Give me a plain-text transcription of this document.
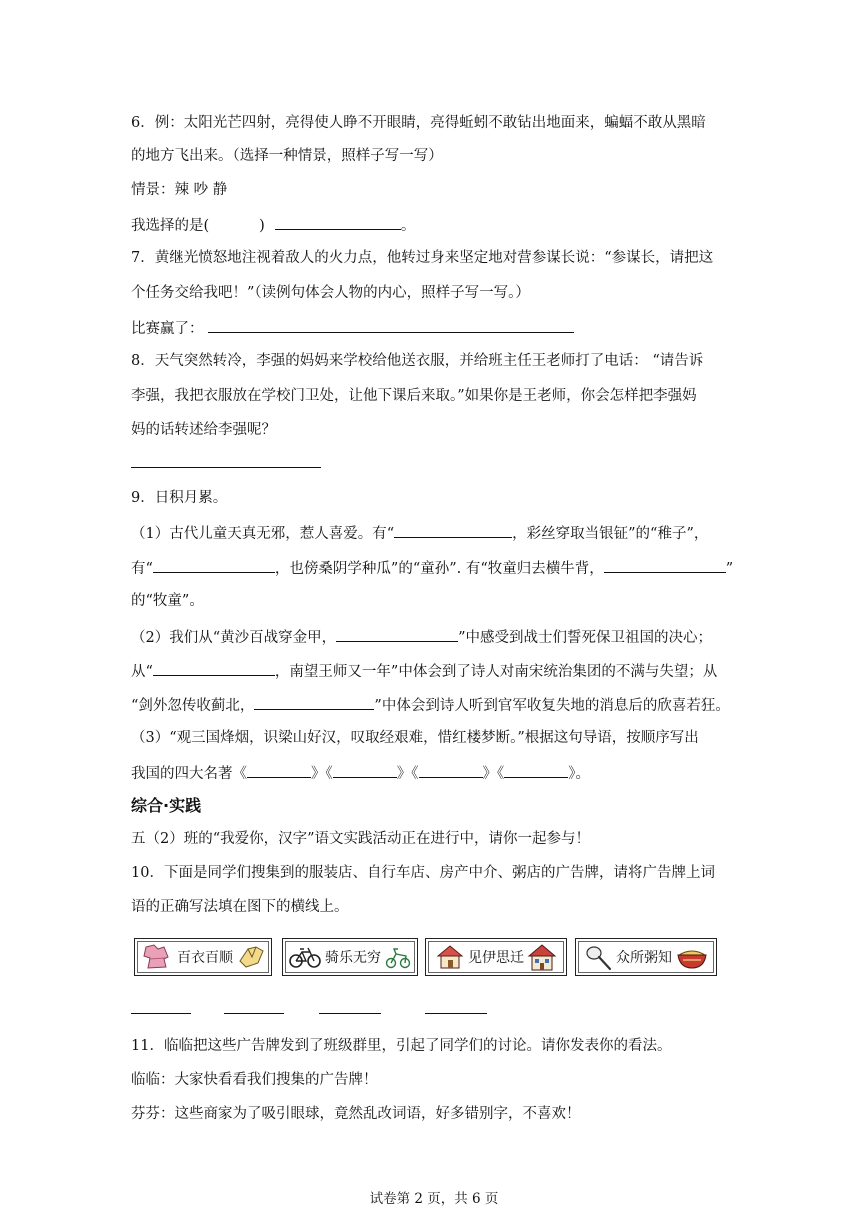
6．例：太阳光芒四射，亮得使人睁不开眼睛，亮得蚯蚓不敢钻出地面来，蝙蝠不敢从黑暗
的地方飞出来。（选择一种情景，照样子写一写）
情景：辣 吵 静
我选择的是(	)	。
7．黄继光愤怒地注视着敌人的火力点，他转过身来坚定地对营参谋长说：“参谋长，请把这
个任务交给我吧！”（读例句体会人物的内心，照样子写一写。）
比赛赢了：
8．天气突然转冷，李强的妈妈来学校给他送衣服，并给班主任王老师打了电话： “请告诉
李强，我把衣服放在学校门卫处，让他下课后来取。”如果你是王老师，你会怎样把李强妈
妈的话转述给李强呢？
9．日积月累。
（1）古代儿童天真无邪，惹人喜爱。有“	，彩丝穿取当银钲”的“稚子”，
有“	，也傍桑阴学种瓜”的“童孙”. 有“牧童归去横牛背，	”
的“牧童”。
（2）我们从“黄沙百战穿金甲，	”中感受到战士们誓死保卫祖国的决心；
从“	，南望王师又一年”中体会到了诗人对南宋统治集团的不满与失望；从
“剑外忽传收蓟北，	”中体会到诗人听到官军收复失地的消息后的欣喜若狂。
（3）“观三国烽烟，识梁山好汉，叹取经艰难，惜红楼梦断。”根据这句导语，按顺序写出
我国的四大名著《	》《	》《	》《	》。
综合·实践
五（2）班的“我爱你，汉字”语文实践活动正在进行中，请你一起参与！
10．下面是同学们搜集到的服装店、自行车店、房产中介、粥店的广告牌，请将广告牌上词
语的正确写法填在图下的横线上。
百衣百顺	骑乐无穷	见伊思迁	众所粥知
11．临临把这些广告牌发到了班级群里，引起了同学们的讨论。请你发表你的看法。
临临：大家快看看我们搜集的广告牌！
芬芬：这些商家为了吸引眼球，竟然乱改词语，好多错别字，不喜欢！
试卷第 2 页，共 6 页
